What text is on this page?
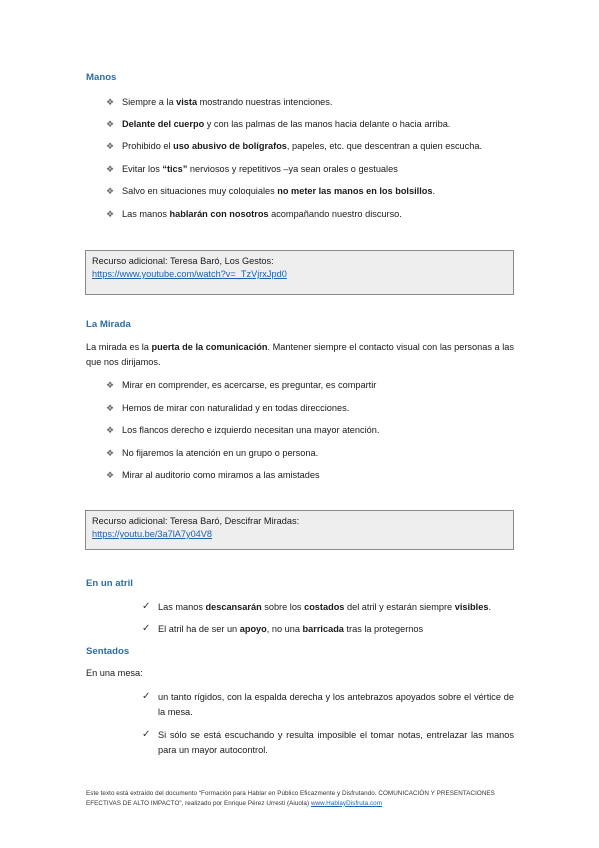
Manos
❖ Siempre a la vista mostrando nuestras intenciones.
❖ Delante del cuerpo y con las palmas de las manos hacia delante o hacia arriba.
❖ Prohibido el uso abusivo de bolígrafos, papeles, etc. que descentran a quien escucha.
❖ Evitar los “tics” nerviosos y repetitivos –ya sean orales o gestuales
❖ Salvo en situaciones muy coloquiales no meter las manos en los bolsillos.
❖ Las manos hablarán con nosotros acompañando nuestro discurso.
Recurso adicional: Teresa Baró, Los Gestos:
https://www.youtube.com/watch?v=_TzVjrxJpd0
La Mirada
La mirada es la puerta de la comunicación. Mantener siempre el contacto visual con las personas a las que nos dirijamos.
❖ Mirar en comprender, es acercarse, es preguntar, es compartir
❖ Hemos de mirar con naturalidad y en todas direcciones.
❖ Los flancos derecho e izquierdo necesitan una mayor atención.
❖ No fijaremos la atención en un grupo o persona.
❖ Mirar al auditorio como miramos a las amistades
Recurso adicional: Teresa Baró, Descifrar Miradas:
https://youtu.be/3a7lA7y04V8
En un atril
✓ Las manos descansarán sobre los costados del atril y estarán siempre visibles.
✓ El atril ha de ser un apoyo, no una barricada tras la protegernos
Sentados
En una mesa:
✓ un tanto rígidos, con la espalda derecha y los antebrazos apoyados sobre el vértice de la mesa.
✓ Si sólo se está escuchando y resulta imposible el tomar notas, entrelazar las manos para un mayor autocontrol.
Este texto está extraído del documento “Formación para Hablar en Público Eficazmente y Disfrutando. COMUNICACIÓN Y PRESENTACIONES EFECTIVAS DE ALTO IMPACTO”, realizado por Enrique Pérez Urresti (Aiuola) www.HablayDisfruta.com
